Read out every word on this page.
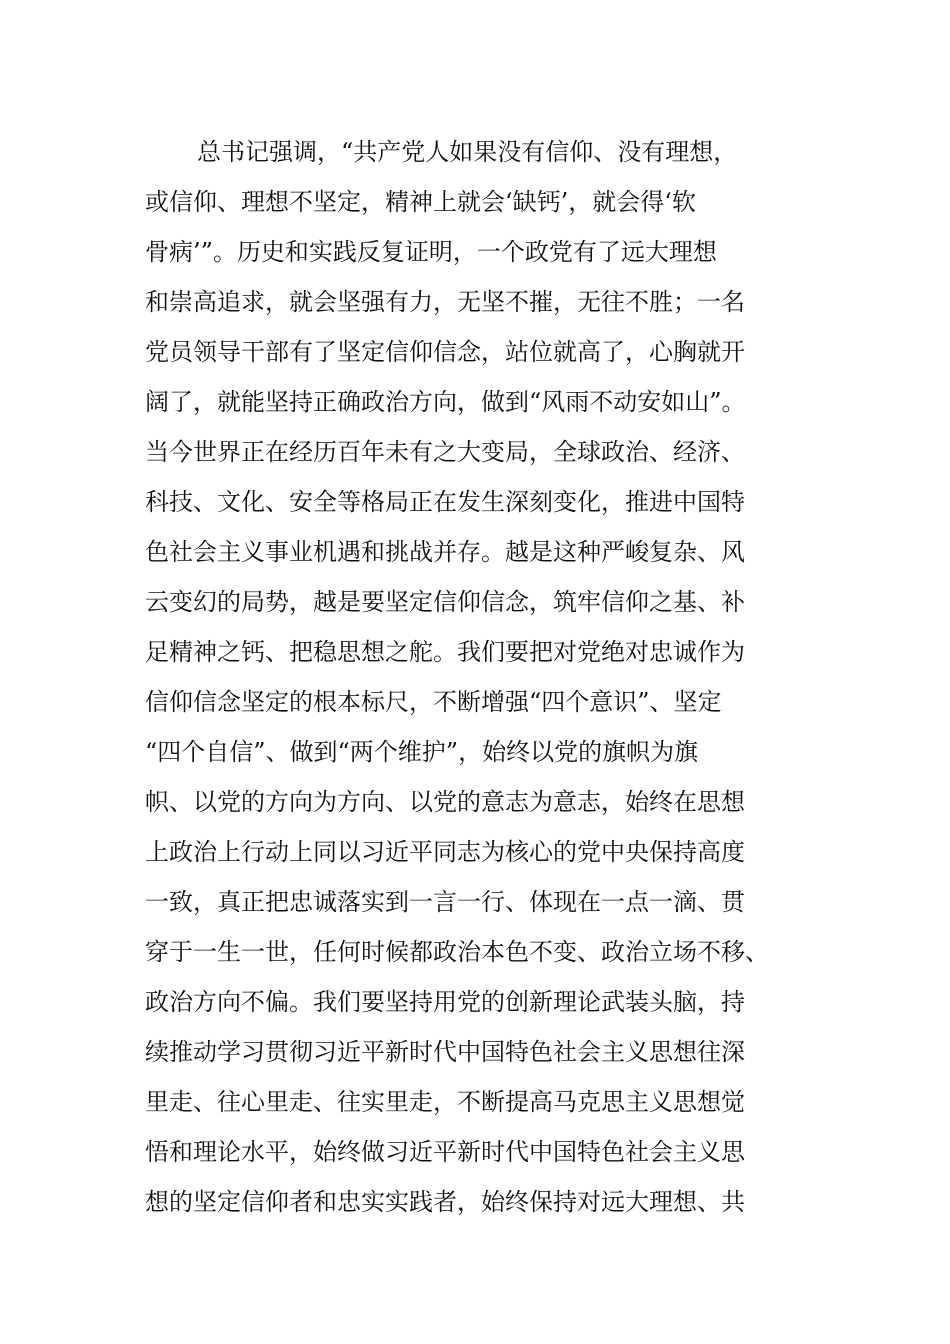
总书记强调，“共产党人如果没有信仰、没有理想，
或信仰、理想不坚定，精神上就会‘缺钙’，就会得‘软
骨病’”。历史和实践反复证明，一个政党有了远大理想
和崇高追求，就会坚强有力，无坚不摧，无往不胜；一名
党员领导干部有了坚定信仰信念，站位就高了，心胸就开
阔了，就能坚持正确政治方向，做到“风雨不动安如山”。
当今世界正在经历百年未有之大变局，全球政治、经济、
科技、文化、安全等格局正在发生深刻变化，推进中国特
色社会主义事业机遇和挑战并存。越是这种严峻复杂、风
云变幻的局势，越是要坚定信仰信念，筑牢信仰之基、补
足精神之钙、把稳思想之舵。我们要把对党绝对忠诚作为
信仰信念坚定的根本标尺，不断增强“四个意识”、坚定
“四个自信”、做到“两个维护”，始终以党的旗帜为旗
帜、以党的方向为方向、以党的意志为意志，始终在思想
上政治上行动上同以习近平同志为核心的党中央保持高度
一致，真正把忠诚落实到一言一行、体现在一点一滴、贯
穿于一生一世，任何时候都政治本色不变、政治立场不移、
政治方向不偏。我们要坚持用党的创新理论武装头脑，持
续推动学习贯彻习近平新时代中国特色社会主义思想往深
里走、往心里走、往实里走，不断提高马克思主义思想觉
悟和理论水平，始终做习近平新时代中国特色社会主义思
想的坚定信仰者和忠实实践者，始终保持对远大理想、共
